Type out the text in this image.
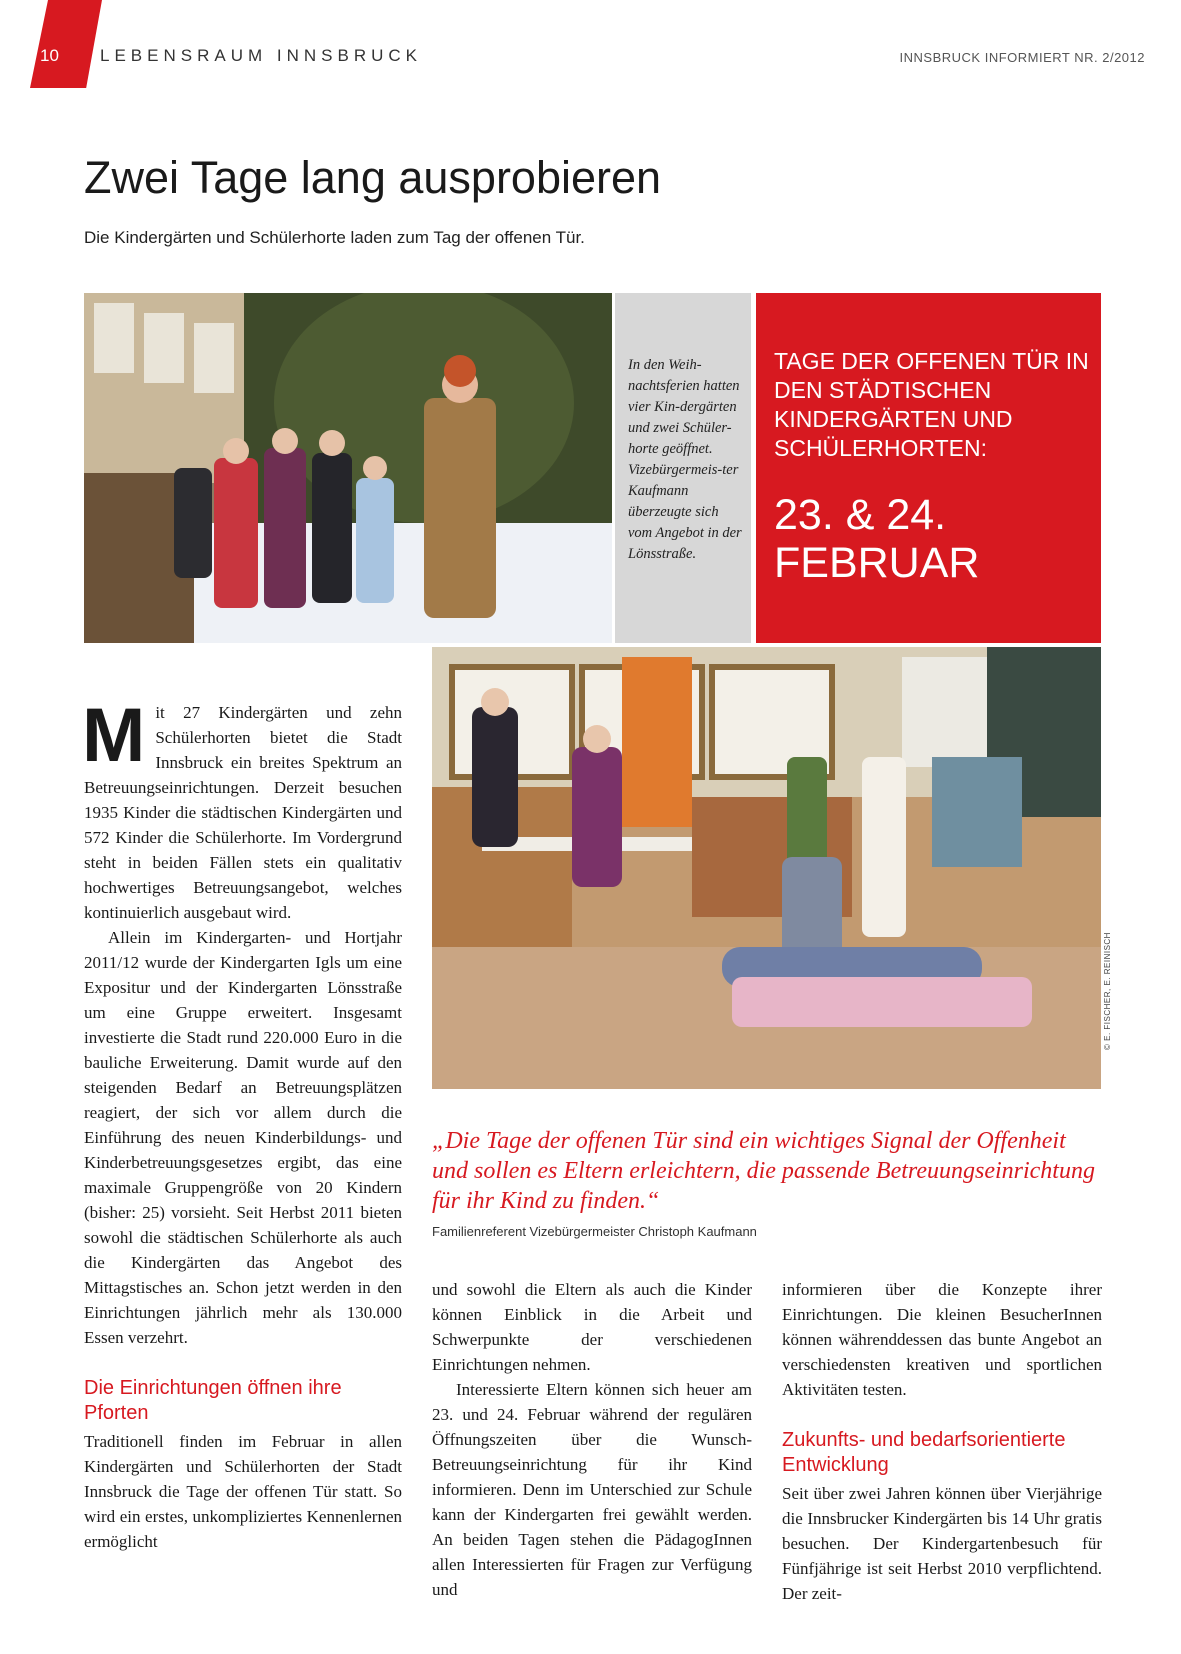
10 LEBENSRAUM INNSBRUCK	INNSBRUCK INFORMIERT NR. 2/2012
Zwei Tage lang ausprobieren
Die Kindergärten und Schülerhorte laden zum Tag der offenen Tür.
In den Weih-nachtsferien hatten vier Kin-dergärten und zwei Schüler-horte geöffnet. Vizebürgermeis-ter Kaufmann überzeugte sich vom Angebot in der Lönsstraße.
TAGE DER OFFENEN TÜR IN DEN STÄDTISCHEN KINDERGÄRTEN UND SCHÜLERHORTEN:
23. & 24. FEBRUAR
© E. FISCHER, E. REINISCH

Mit 27 Kindergärten und zehn Schülerhorten bietet die Stadt Innsbruck ein breites Spektrum an Betreuungseinrichtungen. Derzeit besuchen 1935 Kinder die städtischen Kindergärten und 572 Kinder die Schülerhorte. Im Vordergrund steht in beiden Fällen stets ein qualitativ hochwertiges Betreuungsangebot, welches kontinuierlich ausgebaut wird.

Allein im Kindergarten- und Hortjahr 2011/12 wurde der Kindergarten Igls um eine Expositur und der Kindergarten Lönsstraße um eine Gruppe erweitert. Insgesamt investierte die Stadt rund 220.000 Euro in die bauliche Erweiterung. Damit wurde auf den steigenden Bedarf an Betreuungsplätzen reagiert, der sich vor allem durch die Einführung des neuen Kinderbildungs- und Kinderbetreuungsgesetzes ergibt, das eine maximale Gruppengröße von 20 Kindern (bisher: 25) vorsieht. Seit Herbst 2011 bieten sowohl die städtischen Schülerhorte als auch die Kindergärten das Angebot des Mittagstisches an. Schon jetzt werden in den Einrichtungen jährlich mehr als 130.000 Essen verzehrt.

Die Einrichtungen öffnen ihre Pforten

Traditionell finden im Februar in allen Kindergärten und Schülerhorten der Stadt Innsbruck die Tage der offenen Tür statt. So wird ein erstes, unkompliziertes Kennenlernen ermöglicht

„Die Tage der offenen Tür sind ein wichtiges Signal der Offenheit und sollen es Eltern erleichtern, die passende Betreuungseinrichtung für ihr Kind zu finden.“
Familienreferent Vizebürgermeister Christoph Kaufmann

und sowohl die Eltern als auch die Kinder können Einblick in die Arbeit und Schwerpunkte der verschiedenen Einrichtungen nehmen.

Interessierte Eltern können sich heuer am 23. und 24. Februar während der regulären Öffnungszeiten über die Wunsch-Betreuungseinrichtung für ihr Kind informieren. Denn im Unterschied zur Schule kann der Kindergarten frei gewählt werden. An beiden Tagen stehen die PädagogInnen allen Interessierten für Fragen zur Verfügung und

informieren über die Konzepte ihrer Einrichtungen. Die kleinen BesucherInnen können währenddessen das bunte Angebot an verschiedensten kreativen und sportlichen Aktivitäten testen.

Zukunfts- und bedarfsorientierte Entwicklung

Seit über zwei Jahren können über Vierjährige die Innsbrucker Kindergärten bis 14 Uhr gratis besuchen. Der Kindergartenbesuch für Fünfjährige ist seit Herbst 2010 verpflichtend. Der zeit-
